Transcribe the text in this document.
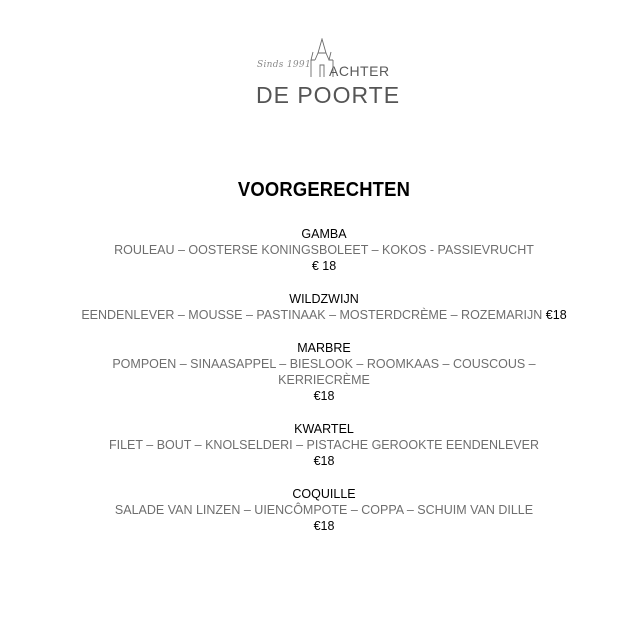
Sinds 1991 ACHTER
DE POORTE
VOORGERECHTEN
GAMBA
ROULEAU – OOSTERSE KONINGSBOLEET – KOKOS - PASSIEVRUCHT
€ 18
WILDZWIJN
EENDENLEVER – MOUSSE – PASTINAAK – MOSTERDCRÈME – ROZEMARIJN €18
MARBRE
POMPOEN – SINAASAPPEL – BIESLOOK – ROOMKAAS – COUSCOUS – KERRIECRÈME
€18
KWARTEL
FILET – BOUT – KNOLSELDERI – PISTACHE GEROOKTE EENDENLEVER
€18
COQUILLE
SALADE VAN LINZEN – UIENCÔMPOTE – COPPA – SCHUIM VAN DILLE
€18
